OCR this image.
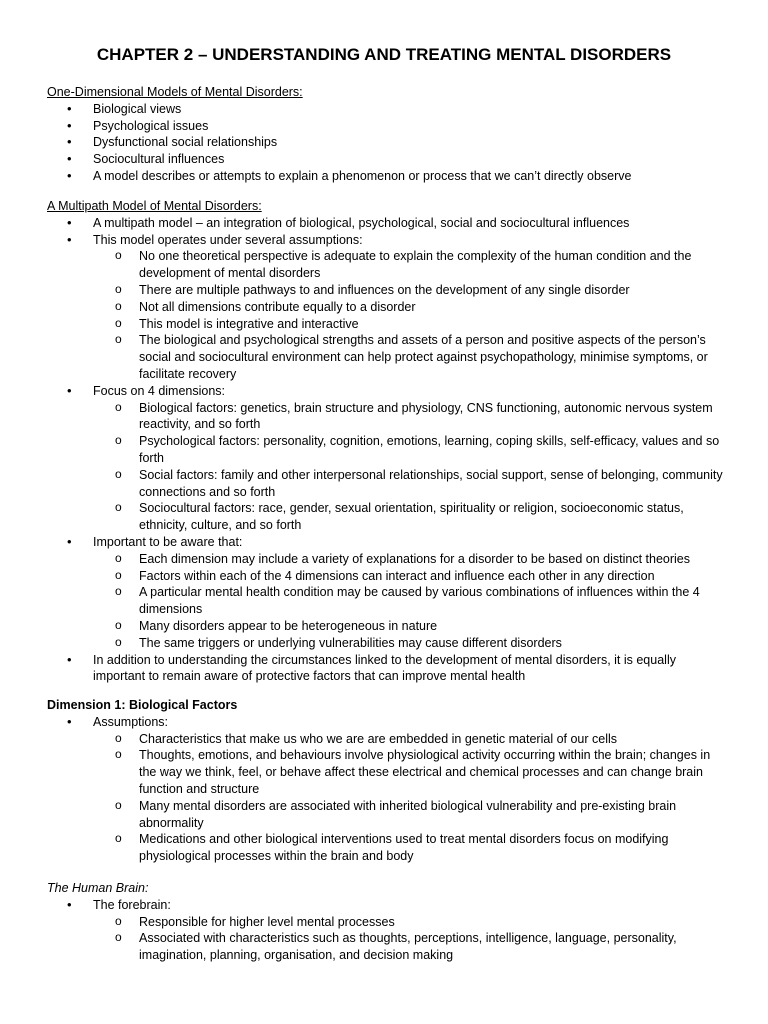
CHAPTER 2 – UNDERSTANDING AND TREATING MENTAL DISORDERS
One-Dimensional Models of Mental Disorders:
• Biological views
• Psychological issues
• Dysfunctional social relationships
• Sociocultural influences
• A model describes or attempts to explain a phenomenon or process that we can’t directly observe
A Multipath Model of Mental Disorders:
• A multipath model – an integration of biological, psychological, social and sociocultural influences
• This model operates under several assumptions:
o No one theoretical perspective is adequate to explain the complexity of the human condition and the development of mental disorders
o There are multiple pathways to and influences on the development of any single disorder
o Not all dimensions contribute equally to a disorder
o This model is integrative and interactive
o The biological and psychological strengths and assets of a person and positive aspects of the person’s social and sociocultural environment can help protect against psychopathology, minimise symptoms, or facilitate recovery
• Focus on 4 dimensions:
o Biological factors: genetics, brain structure and physiology, CNS functioning, autonomic nervous system reactivity, and so forth
o Psychological factors: personality, cognition, emotions, learning, coping skills, self-efficacy, values and so forth
o Social factors: family and other interpersonal relationships, social support, sense of belonging, community connections and so forth
o Sociocultural factors: race, gender, sexual orientation, spirituality or religion, socioeconomic status, ethnicity, culture, and so forth
• Important to be aware that:
o Each dimension may include a variety of explanations for a disorder to be based on distinct theories
o Factors within each of the 4 dimensions can interact and influence each other in any direction
o A particular mental health condition may be caused by various combinations of influences within the 4 dimensions
o Many disorders appear to be heterogeneous in nature
o The same triggers or underlying vulnerabilities may cause different disorders
• In addition to understanding the circumstances linked to the development of mental disorders, it is equally important to remain aware of protective factors that can improve mental health
Dimension 1: Biological Factors
• Assumptions:
o Characteristics that make us who we are are embedded in genetic material of our cells
o Thoughts, emotions, and behaviours involve physiological activity occurring within the brain; changes in the way we think, feel, or behave affect these electrical and chemical processes and can change brain function and structure
o Many mental disorders are associated with inherited biological vulnerability and pre-existing brain abnormality
o Medications and other biological interventions used to treat mental disorders focus on modifying physiological processes within the brain and body
The Human Brain:
• The forebrain:
o Responsible for higher level mental processes
o Associated with characteristics such as thoughts, perceptions, intelligence, language, personality, imagination, planning, organisation, and decision making
